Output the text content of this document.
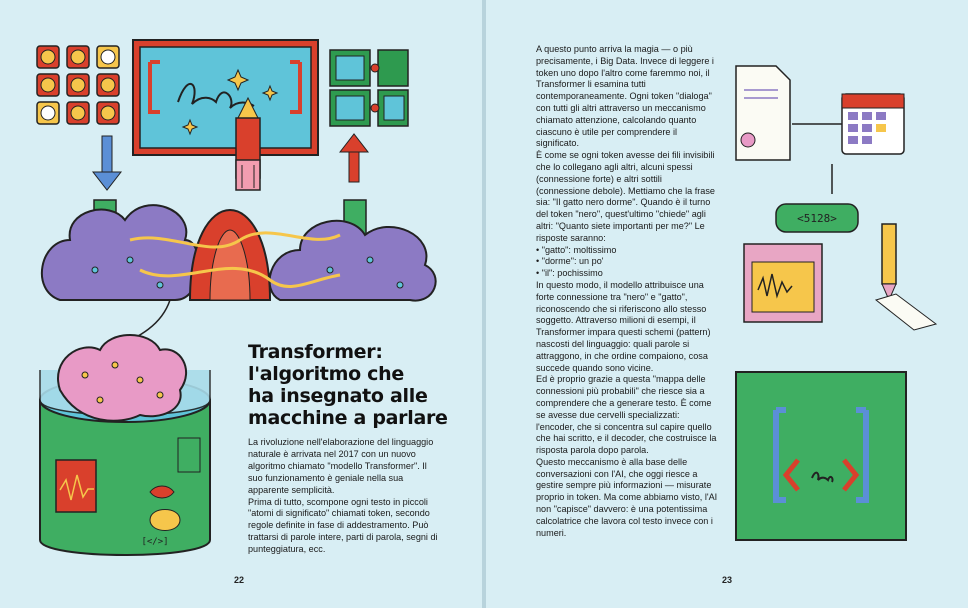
[</>]
Transformer:
l'algoritmo che
ha insegnato alle
macchine a parlare

La rivoluzione nell'elaborazione del linguaggio naturale è arrivata nel 2017 con un nuovo algoritmo chiamato "modello Transformer". Il suo funzionamento è geniale nella sua apparente semplicità.

Prima di tutto, scompone ogni testo in piccoli "atomi di significato" chiamati token, secondo regole definite in fase di addestramento. Può trattarsi di parole intere, parti di parola, segni di punteggiatura, ecc.

22

A questo punto arriva la magia — o più precisamente, i Big Data. Invece di leggere i token uno dopo l'altro come faremmo noi, il Transformer li esamina tutti contemporaneamente. Ogni token "dialoga" con tutti gli altri attraverso un meccanismo chiamato attenzione, calcolando quanto ciascuno è utile per comprendere il significato.

È come se ogni token avesse dei fili invisibili che lo collegano agli altri, alcuni spessi (connessione forte) e altri sottili (connessione debole). Mettiamo che la frase sia: "Il gatto nero dorme". Quando è il turno del token "nero", quest'ultimo "chiede" agli altri: "Quanto siete importanti per me?" Le risposte saranno:

• "gatto": moltissimo

• "dorme": un po'

• "il": pochissimo

In questo modo, il modello attribuisce una forte connessione tra "nero" e "gatto", riconoscendo che si riferiscono allo stesso soggetto. Attraverso milioni di esempi, il Transformer impara questi schemi (pattern) nascosti del linguaggio: quali parole si attraggono, in che ordine compaiono, cosa succede quando sono vicine.

Ed è proprio grazie a questa "mappa delle connessioni più probabili" che riesce sia a comprendere che a generare testo. È come se avesse due cervelli specializzati: l'encoder, che si concentra sul capire quello che hai scritto, e il decoder, che costruisce la risposta parola dopo parola.

Questo meccanismo è alla base delle conversazioni con l'AI, che oggi riesce a gestire sempre più informazioni — misurate proprio in token. Ma come abbiamo visto, l'AI non "capisce" davvero: è una potentissima calcolatrice che lavora col testo invece con i numeri.

<5128>
23
